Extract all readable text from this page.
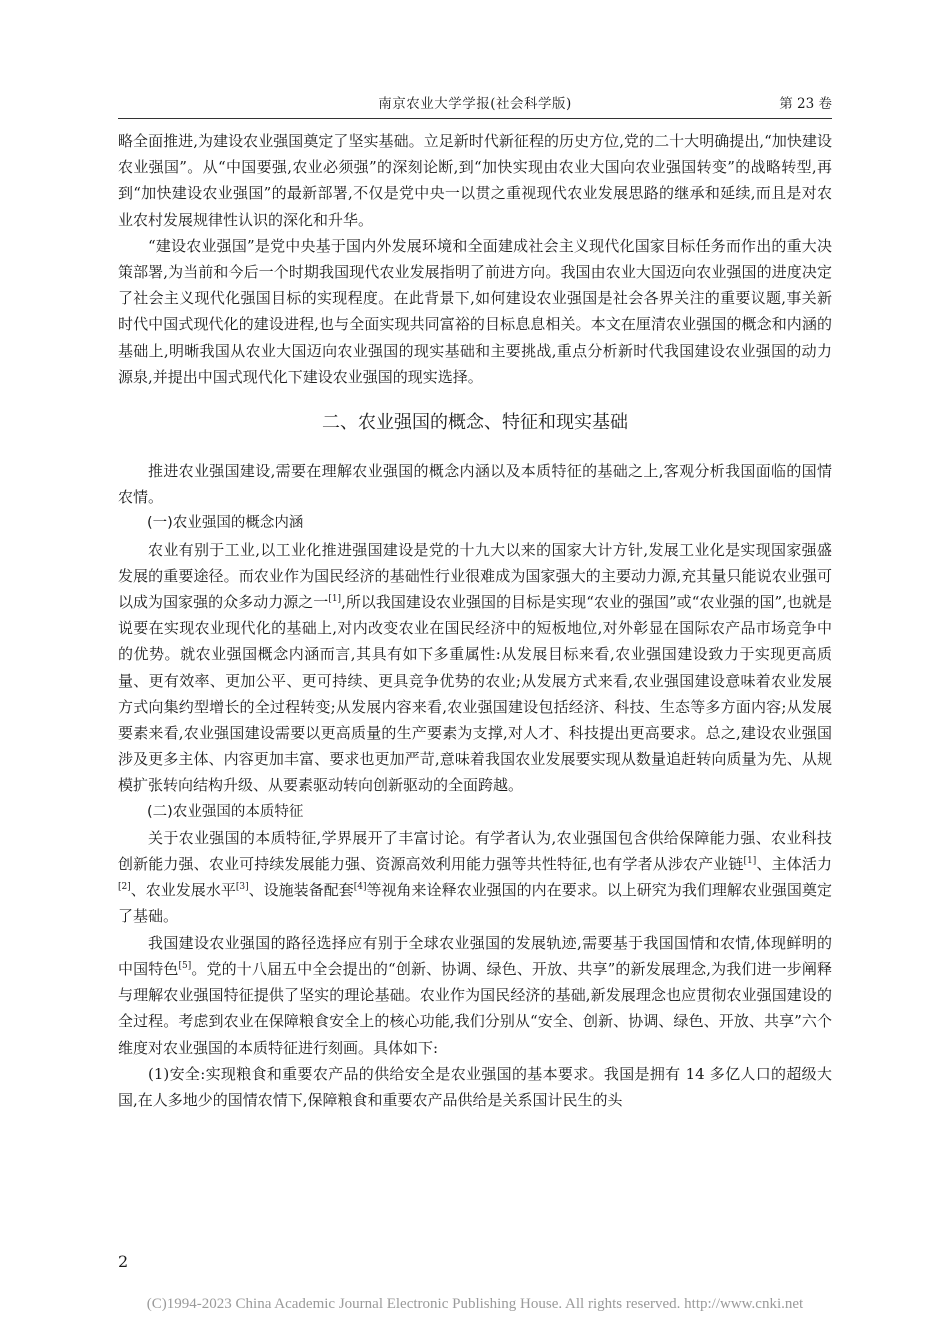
南京农业大学学报(社会科学版)	第 23 卷

略全面推进,为建设农业强国奠定了坚实基础。立足新时代新征程的历史方位,党的二十大明确提出,“加快建设农业强国”。从“中国要强,农业必须强”的深刻论断,到“加快实现由农业大国向农业强国转变”的战略转型,再到“加快建设农业强国”的最新部署,不仅是党中央一以贯之重视现代农业发展思路的继承和延续,而且是对农业农村发展规律性认识的深化和升华。

“建设农业强国”是党中央基于国内外发展环境和全面建成社会主义现代化国家目标任务而作出的重大决策部署,为当前和今后一个时期我国现代农业发展指明了前进方向。我国由农业大国迈向农业强国的进度决定了社会主义现代化强国目标的实现程度。在此背景下,如何建设农业强国是社会各界关注的重要议题,事关新时代中国式现代化的建设进程,也与全面实现共同富裕的目标息息相关。本文在厘清农业强国的概念和内涵的基础上,明晰我国从农业大国迈向农业强国的现实基础和主要挑战,重点分析新时代我国建设农业强国的动力源泉,并提出中国式现代化下建设农业强国的现实选择。

二、农业强国的概念、特征和现实基础

推进农业强国建设,需要在理解农业强国的概念内涵以及本质特征的基础之上,客观分析我国面临的国情农情。

(一)农业强国的概念内涵

农业有别于工业,以工业化推进强国建设是党的十九大以来的国家大计方针,发展工业化是实现国家强盛发展的重要途径。而农业作为国民经济的基础性行业很难成为国家强大的主要动力源,充其量只能说农业强可以成为国家强的众多动力源之一[1],所以我国建设农业强国的目标是实现“农业的强国”或“农业强的国”,也就是说要在实现农业现代化的基础上,对内改变农业在国民经济中的短板地位,对外彰显在国际农产品市场竞争中的优势。就农业强国概念内涵而言,其具有如下多重属性:从发展目标来看,农业强国建设致力于实现更高质量、更有效率、更加公平、更可持续、更具竞争优势的农业;从发展方式来看,农业强国建设意味着农业发展方式向集约型增长的全过程转变;从发展内容来看,农业强国建设包括经济、科技、生态等多方面内容;从发展要素来看,农业强国建设需要以更高质量的生产要素为支撑,对人才、科技提出更高要求。总之,建设农业强国涉及更多主体、内容更加丰富、要求也更加严苛,意味着我国农业发展要实现从数量追赶转向质量为先、从规模扩张转向结构升级、从要素驱动转向创新驱动的全面跨越。

(二)农业强国的本质特征

关于农业强国的本质特征,学界展开了丰富讨论。有学者认为,农业强国包含供给保障能力强、农业科技创新能力强、农业可持续发展能力强、资源高效利用能力强等共性特征,也有学者从涉农产业链[1]、主体活力[2]、农业发展水平[3]、设施装备配套[4]等视角来诠释农业强国的内在要求。以上研究为我们理解农业强国奠定了基础。

我国建设农业强国的路径选择应有别于全球农业强国的发展轨迹,需要基于我国国情和农情,体现鲜明的中国特色[5]。党的十八届五中全会提出的“创新、协调、绿色、开放、共享”的新发展理念,为我们进一步阐释与理解农业强国特征提供了坚实的理论基础。农业作为国民经济的基础,新发展理念也应贯彻农业强国建设的全过程。考虑到农业在保障粮食安全上的核心功能,我们分别从“安全、创新、协调、绿色、开放、共享”六个维度对农业强国的本质特征进行刻画。具体如下:

(1)安全:实现粮食和重要农产品的供给安全是农业强国的基本要求。我国是拥有 14 多亿人口的超级大国,在人多地少的国情农情下,保障粮食和重要农产品供给是关系国计民生的头

2
(C)1994-2023 China Academic Journal Electronic Publishing House. All rights reserved. http://www.cnki.net
